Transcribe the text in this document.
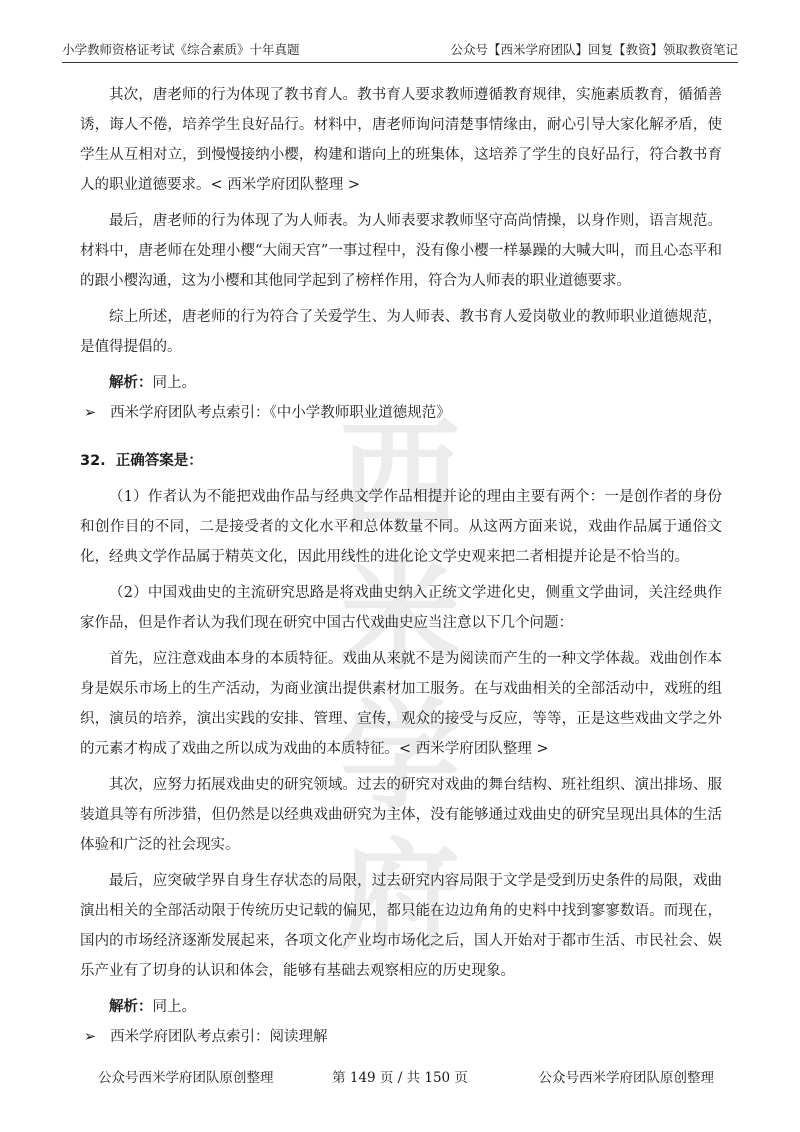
小学教师资格证考试《综合素质》十年真题	公众号【西米学府团队】回复【教资】领取教资笔记
西米
学府

其次，唐老师的行为体现了教书育人。教书育人要求教师遵循教育规律，实施素质教育，循循善诱，诲人不倦，培养学生良好品行。材料中，唐老师询问清楚事情缘由，耐心引导大家化解矛盾，使学生从互相对立，到慢慢接纳小樱，构建和谐向上的班集体，这培养了学生的良好品行，符合教书育人的职业道德要求。< 西米学府团队整理 >

最后，唐老师的行为体现了为人师表。为人师表要求教师坚守高尚情操，以身作则，语言规范。材料中，唐老师在处理小樱“大闹天宫”一事过程中，没有像小樱一样暴躁的大喊大叫，而且心态平和的跟小樱沟通，这为小樱和其他同学起到了榜样作用，符合为人师表的职业道德要求。

综上所述，唐老师的行为符合了关爱学生、为人师表、教书育人爱岗敬业的教师职业道德规范，是值得提倡的。

解析：同上。

➢ 西米学府团队考点索引：《中小学教师职业道德规范》

32. 正确答案是：

（1）作者认为不能把戏曲作品与经典文学作品相提并论的理由主要有两个：一是创作者的身份和创作目的不同，二是接受者的文化水平和总体数量不同。从这两方面来说，戏曲作品属于通俗文化，经典文学作品属于精英文化，因此用线性的进化论文学史观来把二者相提并论是不恰当的。

（2）中国戏曲史的主流研究思路是将戏曲史纳入正统文学进化史，侧重文学曲词，关注经典作家作品，但是作者认为我们现在研究中国古代戏曲史应当注意以下几个问题：

首先，应注意戏曲本身的本质特征。戏曲从来就不是为阅读而产生的一种文学体裁。戏曲创作本身是娱乐市场上的生产活动，为商业演出提供素材加工服务。在与戏曲相关的全部活动中，戏班的组织，演员的培养，演出实践的安排、管理、宣传，观众的接受与反应，等等，正是这些戏曲文学之外的元素才构成了戏曲之所以成为戏曲的本质特征。< 西米学府团队整理 >

其次，应努力拓展戏曲史的研究领域。过去的研究对戏曲的舞台结构、班社组织、演出排场、服装道具等有所涉猎，但仍然是以经典戏曲研究为主体，没有能够通过戏曲史的研究呈现出具体的生活体验和广泛的社会现实。

最后，应突破学界自身生存状态的局限，过去研究内容局限于文学是受到历史条件的局限，戏曲演出相关的全部活动限于传统历史记载的偏见，都只能在边边角角的史料中找到寥寥数语。而现在，国内的市场经济逐渐发展起来，各项文化产业均市场化之后，国人开始对于都市生活、市民社会、娱乐产业有了切身的认识和体会，能够有基础去观察相应的历史现象。

解析：同上。

➢ 西米学府团队考点索引：阅读理解

公众号西米学府团队原创整理	第 149 页 / 共 150 页	公众号西米学府团队原创整理
